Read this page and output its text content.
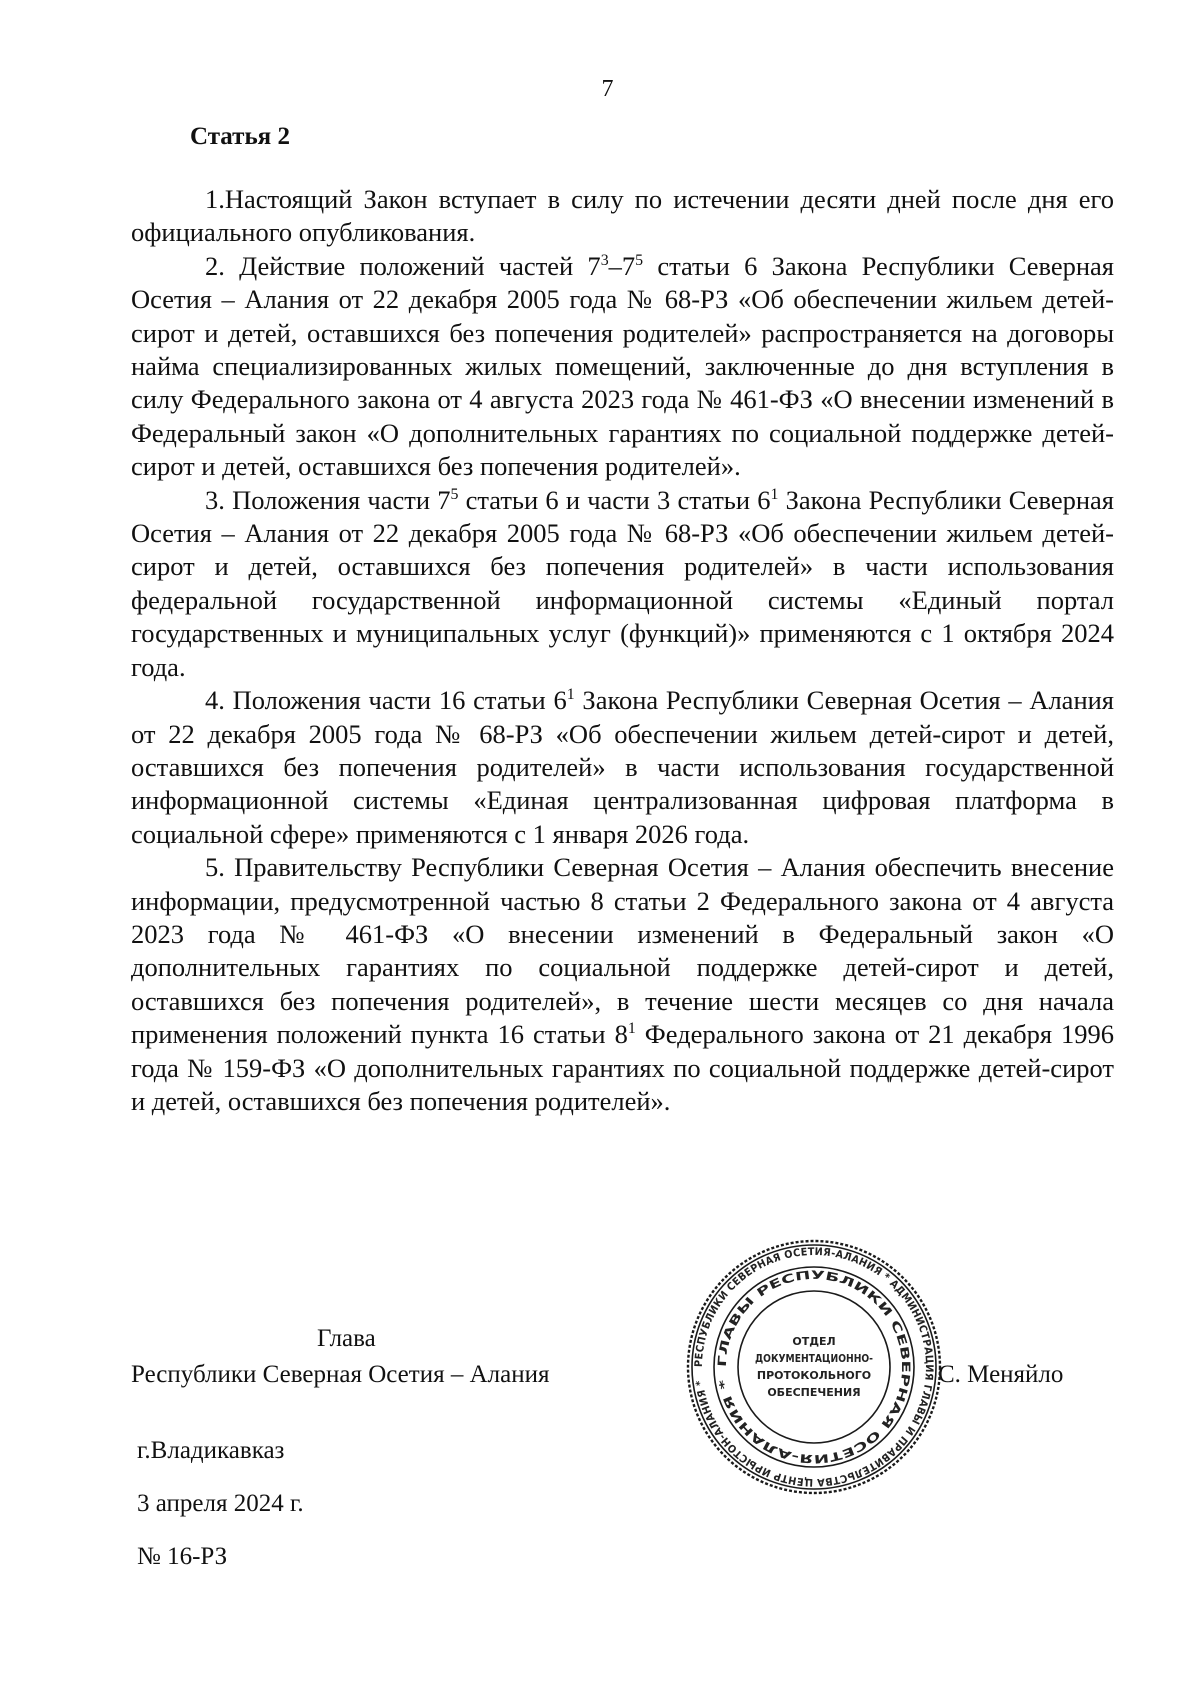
7
Статья 2

1.Настоящий Закон вступает в силу по истечении десяти дней после дня его официального опубликования.

2. Действие положений частей $7^3-7^5$ статьи 6 Закона Республики Северная Осетия – Алания от 22 декабря 2005 года № 68-РЗ «Об обеспечении жильем детей-сирот и детей, оставшихся без попечения родителей» распространяется на договоры найма специализированных жилых помещений, заключенные до дня вступления в силу Федерального закона от 4 августа 2023 года № 461-ФЗ «О внесении изменений в Федеральный закон «О дополнительных гарантиях по социальной поддержке детей-сирот и детей, оставшихся без попечения родителей».

3. Положения части $7^5$ статьи 6 и части 3 статьи $6^1$ Закона Республики Северная Осетия – Алания от 22 декабря 2005 года № 68-РЗ «Об обеспечении жильем детей-сирот и детей, оставшихся без попечения родителей» в части использования федеральной государственной информационной системы «Единый портал государственных и муниципальных услуг (функций)» применяются с 1 октября 2024 года.

4. Положения части 16 статьи $6^1$ Закона Республики Северная Осетия – Алания от 22 декабря 2005 года № 68-РЗ «Об обеспечении жильем детей-сирот и детей, оставшихся без попечения родителей» в части использования государственной информационной системы «Единая централизованная цифровая платформа в социальной сфере» применяются с 1 января 2026 года.

5. Правительству Республики Северная Осетия – Алания обеспечить внесение информации, предусмотренной частью 8 статьи 2 Федерального закона от 4 августа 2023 года № 461-ФЗ «О внесении изменений в Федеральный закон «О дополнительных гарантиях по социальной поддержке детей-сирот и детей, оставшихся без попечения родителей», в течение шести месяцев со дня начала применения положений пункта 16 статьи $8^1$ Федерального закона от 21 декабря 1996 года № 159-ФЗ «О дополнительных гарантиях по социальной поддержке детей-сирот и детей, оставшихся без попечения родителей».

Глава
Республики Северная Осетия – Алания	С. Меняйло
РЕСПУБЛИКИ СЕВЕРНАЯ ОСЕТИЯ-АЛАНИЯ * АДМИНИСТРАЦИЯ ГЛАВЫ И ПРАВИТЕЛЬСТВА ЦЕНТР ИРЫСТОН-АЛАНИЯ *
ГЛАВЫ РЕСПУБЛИКИ СЕВЕРНАЯ ОСЕТИЯ-АЛАНИЯ *
ОТДЕЛ
ДОКУМЕНТАЦИОННО-
ПРОТОКОЛЬНОГО
ОБЕСПЕЧЕНИЯ
г.Владикавказ
3 апреля 2024 г.
№ 16-РЗ
